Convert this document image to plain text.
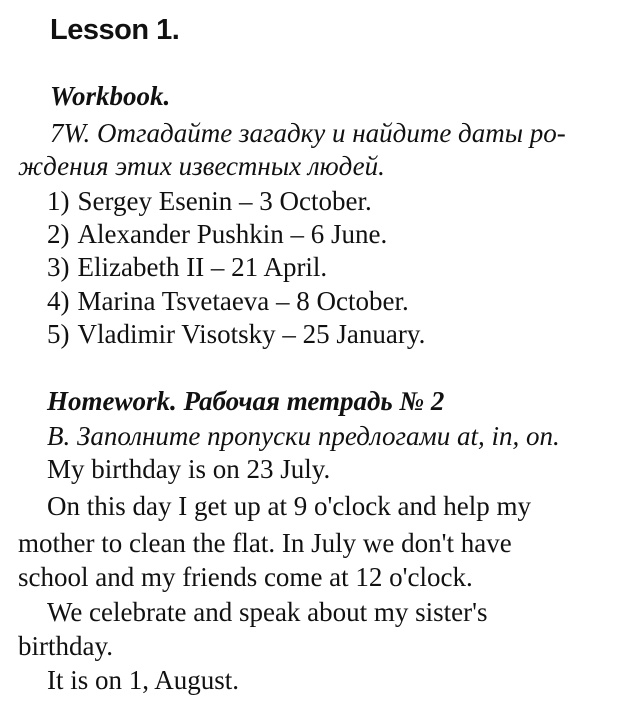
Lesson 1.
Workbook.
7W. Отгадайте загадку и найдите даты ро-
ждения этих известных людей.
1) Sergey Esenin – 3 October.
2) Alexander Pushkin – 6 June.
3) Elizabeth II – 21 April.
4) Marina Tsvetaeva – 8 October.
5) Vladimir Visotsky – 25 January.
Homework. Рабочая тетрадь № 2
B. Заполните пропуски предлогами at, in, on.
My birthday is on 23 July.
On this day I get up at 9 o'clock and help my
mother to clean the flat. In July we don't have
school and my friends come at 12 o'clock.
We celebrate and speak about my sister's
birthday.
It is on 1, August.
